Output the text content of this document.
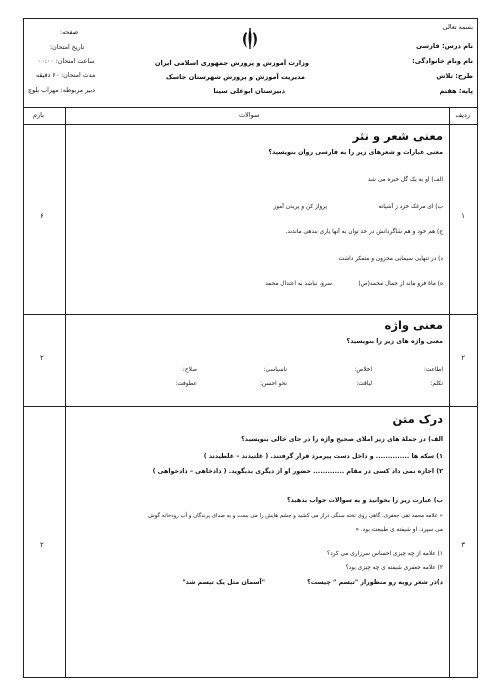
بسمه تعالی
نام درس: فارسی
نام ونام خانوادگی:
طرح: تلاش
پایه: هفتم
وزارت آموزش و پرورش جمهوری اسلامی ایران
مدیریت آموزش و پرورش شهرستان جاسک
دبیرستان ابوعلی سینا
صفحه:
تاریخ امتحان:
ساعت امتحان: ۰۰:۰۰
مدت امتحان: ۶۰ دقیقه
دبیر مربوطه: مهراب بلوچ
ردیف
سوالات
بارم
۱
۶
معنی شعر و نثر
معنی عبارات و شعرهای زیر را به فارسی روان بنویسید؟
الف) او به یک گل خبره می شد
ب) ای مرغک خرد ز آشیانه
پرواز کن و پریدن آموز
ج) هم خود و هم شاگردانش در حد توان به آنها یاری بندهی ماندند.
د) در تنهایی سیمایی محزون و متفکر داشت
ه) ماهٔ فرو ماند از جمال محمد(ص)
سرو، نباشد به اعتدال محمد
۲
۲
معنی واژه
معنی واژه های زیر را بنویسید؟
اطاعت:
اخلاص:
ناسپاسی:
صلاح:
تکلم:
لیاقت:
نحو احسن:
عطوفت:
۳
۲
درک متن
الف) در جملهٔ های زیر املای صحیح واژه را در جای خالی بنویسید؟
۱) سکه ها .............. و داخل دست پیرمرد قرار گرفتند. ( غلتیدند – غلطیدند )
۲) اجازه نمی داد کسی در مقام ............. حضور او از دیگری بدبگوید. ( دادخاهی – دادخواهی )
ب) عبارت زیر را بخوانید و به سوالات جواب بدهید؟
« علامه محمد تقی جعفری، گاهی روی تخته سنگی دراز می کشید و چشم هایش را می بست و به صدای پرندگان و آب رودخانه گوش
می سپرد. او شیفته ی طبیعت بود. »
۱) علامه از چه چیزی احساس سرزاری می کرد؟
۲) علامه جعفری شیفته ی چه چیزی بود؟
د)در شعر روبه رو منظوراز "تبسم " چیست؟
"آسمان مثل یک تبسم شد"
